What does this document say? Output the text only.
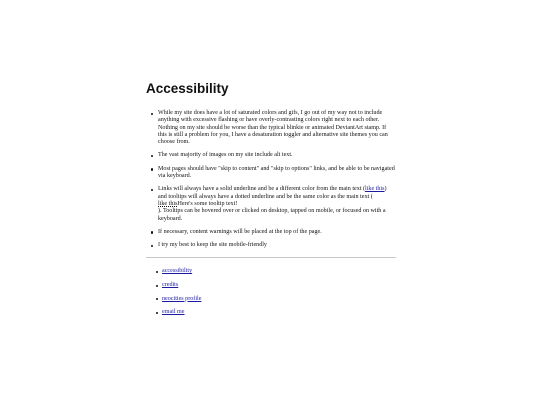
Accessibility
While my site does have a lot of saturated colors and gifs, I go out of my way not to include anything with excessive flashing or have overly-contrasting colors right next to each other. Nothing on my site should be worse than the typical blinkie or animated DeviantArt stamp. If this is still a problem for you, I have a desaturation toggler and alternative site themes you can choose from.
The vast majority of images on my site include alt text.
Most pages should have "skip to content" and "skip to options" links, and be able to be navigated via keyboard.
Links will always have a solid underline and be a different color from the main text (like this) and tooltips will always have a dotted underline and be the same color as the main text (
like thisHere's some tooltip text!
). Tooltips can be hovered over or clicked on desktop, tapped on mobile, or focused on with a keyboard.
If necessary, content warnings will be placed at the top of the page.
I try my best to keep the site mobile-friendly
accessibility
credits
neocities profile
email me
